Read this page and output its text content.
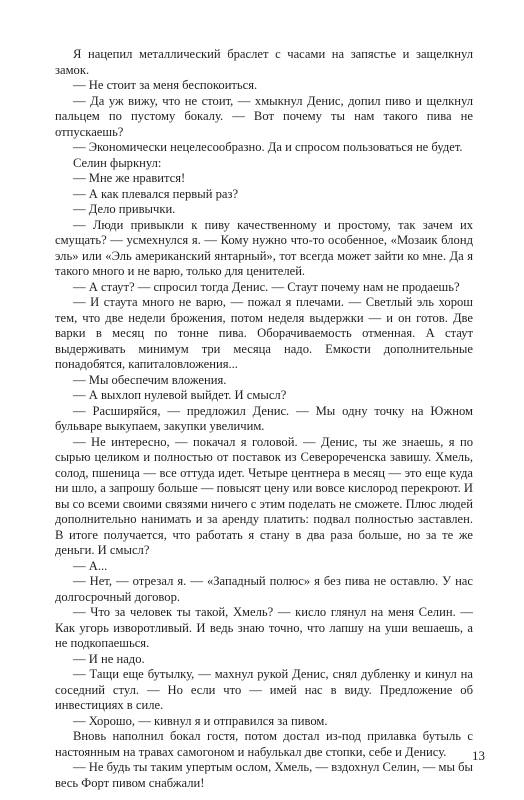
Я нацепил металлический браслет с часами на запястье и защелкнул замок.

— Не стоит за меня беспокоиться.

— Да уж вижу, что не стоит, — хмыкнул Денис, допил пиво и щелкнул пальцем по пустому бокалу. — Вот почему ты нам такого пива не отпускаешь?

— Экономически нецелесообразно. Да и спросом пользоваться не будет.

Селин фыркнул:

— Мне же нравится!

— А как плевался первый раз?

— Дело привычки.

— Люди привыкли к пиву качественному и простому, так зачем их смущать? — усмехнулся я. — Кому нужно что-то особенное, «Мозаик блонд эль» или «Эль американский янтарный», тот всегда может зайти ко мне. Да я такого много и не варю, только для ценителей.

— А стаут? — спросил тогда Денис. — Стаут почему нам не продаешь?

— И стаута много не варю, — пожал я плечами. — Светлый эль хорош тем, что две недели брожения, потом неделя выдержки — и он готов. Две варки в месяц по тонне пива. Оборачиваемость отменная. А стаут выдерживать минимум три месяца надо. Емкости дополнительные понадобятся, капиталовложения...

— Мы обеспечим вложения.

— А выхлоп нулевой выйдет. И смысл?

— Расширяйся, — предложил Денис. — Мы одну точку на Южном бульваре выкупаем, закупки увеличим.

— Не интересно, — покачал я головой. — Денис, ты же знаешь, я по сырью целиком и полностью от поставок из Северореченска завишу. Хмель, солод, пшеница — все оттуда идет. Четыре центнера в месяц — это еще куда ни шло, а запрошу больше — повысят цену или вовсе кислород перекроют. И вы со всеми своими связями ничего с этим поделать не сможете. Плюс людей дополнительно нанимать и за аренду платить: подвал полностью заставлен. В итоге получается, что работать я стану в два раза больше, но за те же деньги. И смысл?

— А...

— Нет, — отрезал я. — «Западный полюс» я без пива не оставлю. У нас долгосрочный договор.

— Что за человек ты такой, Хмель? — кисло глянул на меня Селин. — Как угорь изворотливый. И ведь знаю точно, что лапшу на уши вешаешь, а не подкопаешься.

— И не надо.

— Тащи еще бутылку, — махнул рукой Денис, снял дубленку и кинул на соседний стул. — Но если что — имей нас в виду. Предложение об инвестициях в силе.

— Хорошо, — кивнул я и отправился за пивом.

Вновь наполнил бокал гостя, потом достал из-под прилавка бутыль с настоянным на травах самогоном и набулькал две стопки, себе и Денису.

— Не будь ты таким упертым ослом, Хмель, — вздохнул Селин, — мы бы весь Форт пивом снабжали!

13
